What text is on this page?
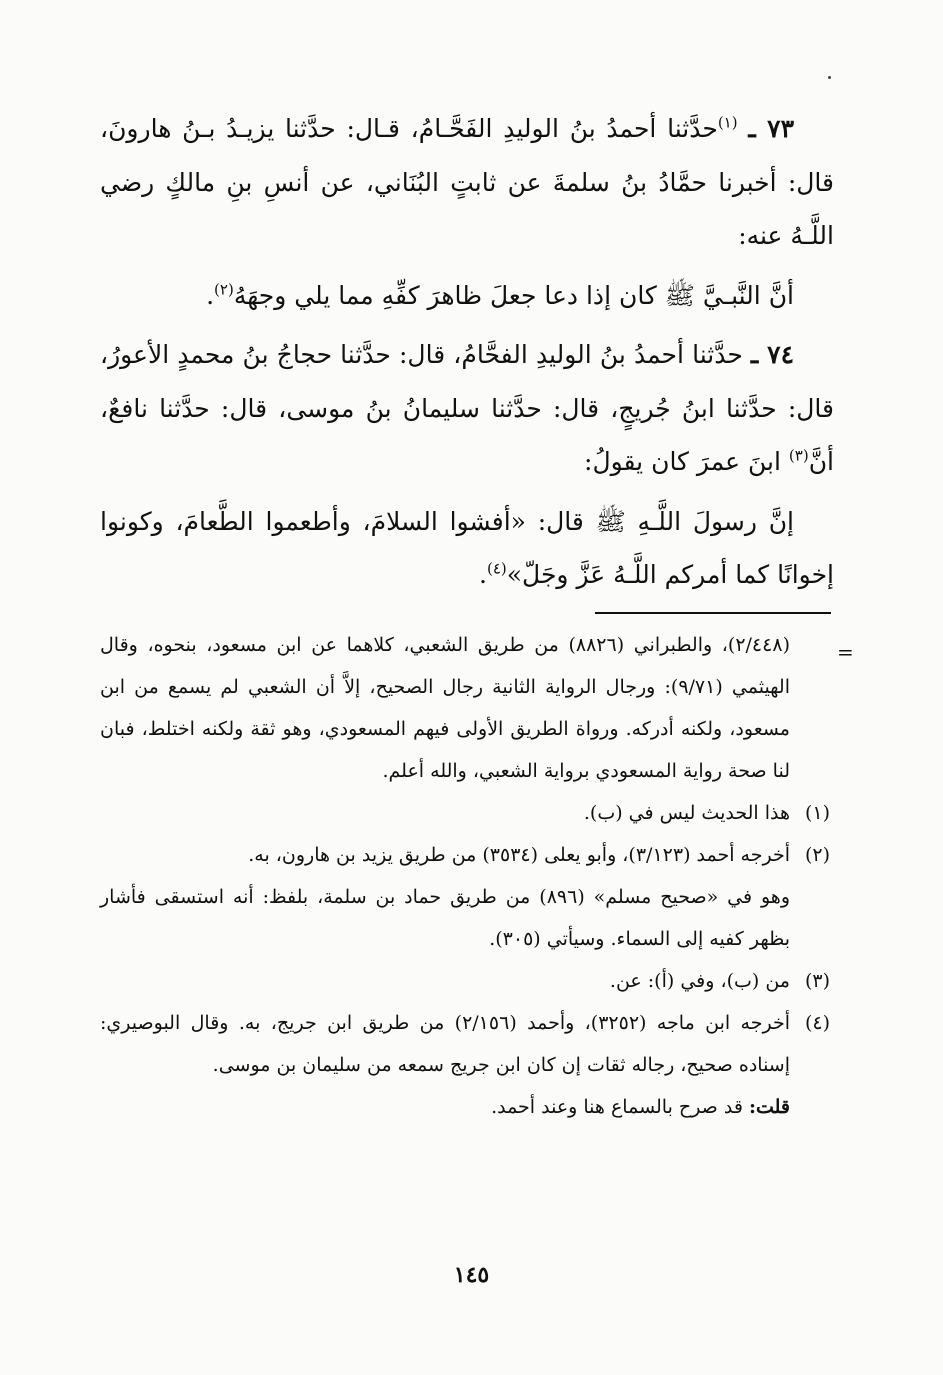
٧٣ ـ $^{(١)}$حدَّثنا أحمدُ بنُ الوليدِ الفَحَّـامُ، قـال: حدَّثنا يزيـدُ بـنُ هارونَ، قال: أخبرنا حمَّادُ بنُ سلمةَ عن ثابتٍ البُنَاني، عن أنسِ بنِ مالكٍ رضي اللَّـهُ عنه:

أنَّ النَّبـيَّ ﷺ كان إذا دعا جعلَ ظاهرَ كفِّهِ مما يلي وجهَهُ$^{(٢)}$.

٧٤ ـ حدَّثنا أحمدُ بنُ الوليدِ الفحَّامُ، قال: حدَّثنا حجاجُ بنُ محمدٍ الأعورُ، قال: حدَّثنا ابنُ جُريجٍ، قال: حدَّثنا سليمانُ بنُ موسى، قال: حدَّثنا نافعٌ، أنَّ$^{(٣)}$ ابنَ عمرَ كان يقولُ:

إنَّ رسولَ اللَّـهِ ﷺ قال: «أفشوا السلامَ، وأطعموا الطَّعامَ، وكونوا إخوانًا كما أمركم اللَّـهُ عَزَّ وجَلّ»$^{(٤)}$.

=

(٢/٤٤٨)، والطبراني (٨٨٢٦) من طريق الشعبي، كلاهما عن ابن مسعود، بنحوه، وقال الهيثمي (٩/٧١): ورجال الرواية الثانية رجال الصحيح، إلاَّ أن الشعبي لم يسمع من ابن مسعود، ولكنه أدركه. ورواة الطريق الأولى فيهم المسعودي، وهو ثقة ولكنه اختلط، فبان لنا صحة رواية المسعودي برواية الشعبي، والله أعلم.

(١)

هذا الحديث ليس في (ب).

(٢)

أخرجه أحمد (٣/١٢٣)، وأبو يعلى (٣٥٣٤) من طريق يزيد بن هارون، به.

وهو في «صحيح مسلم» (٨٩٦) من طريق حماد بن سلمة، بلفظ: أنه استسقى فأشار بظهر كفيه إلى السماء. وسيأتي (٣٠٥).

(٣)

من (ب)، وفي (أ): عن.

(٤)

أخرجه ابن ماجه (٣٢٥٢)، وأحمد (٢/١٥٦) من طريق ابن جريج، به. وقال البوصيري: إسناده صحيح، رجاله ثقات إن كان ابن جريج سمعه من سليمان بن موسى.

قلت: قد صرح بالسماع هنا وعند أحمد.

١٤٥
